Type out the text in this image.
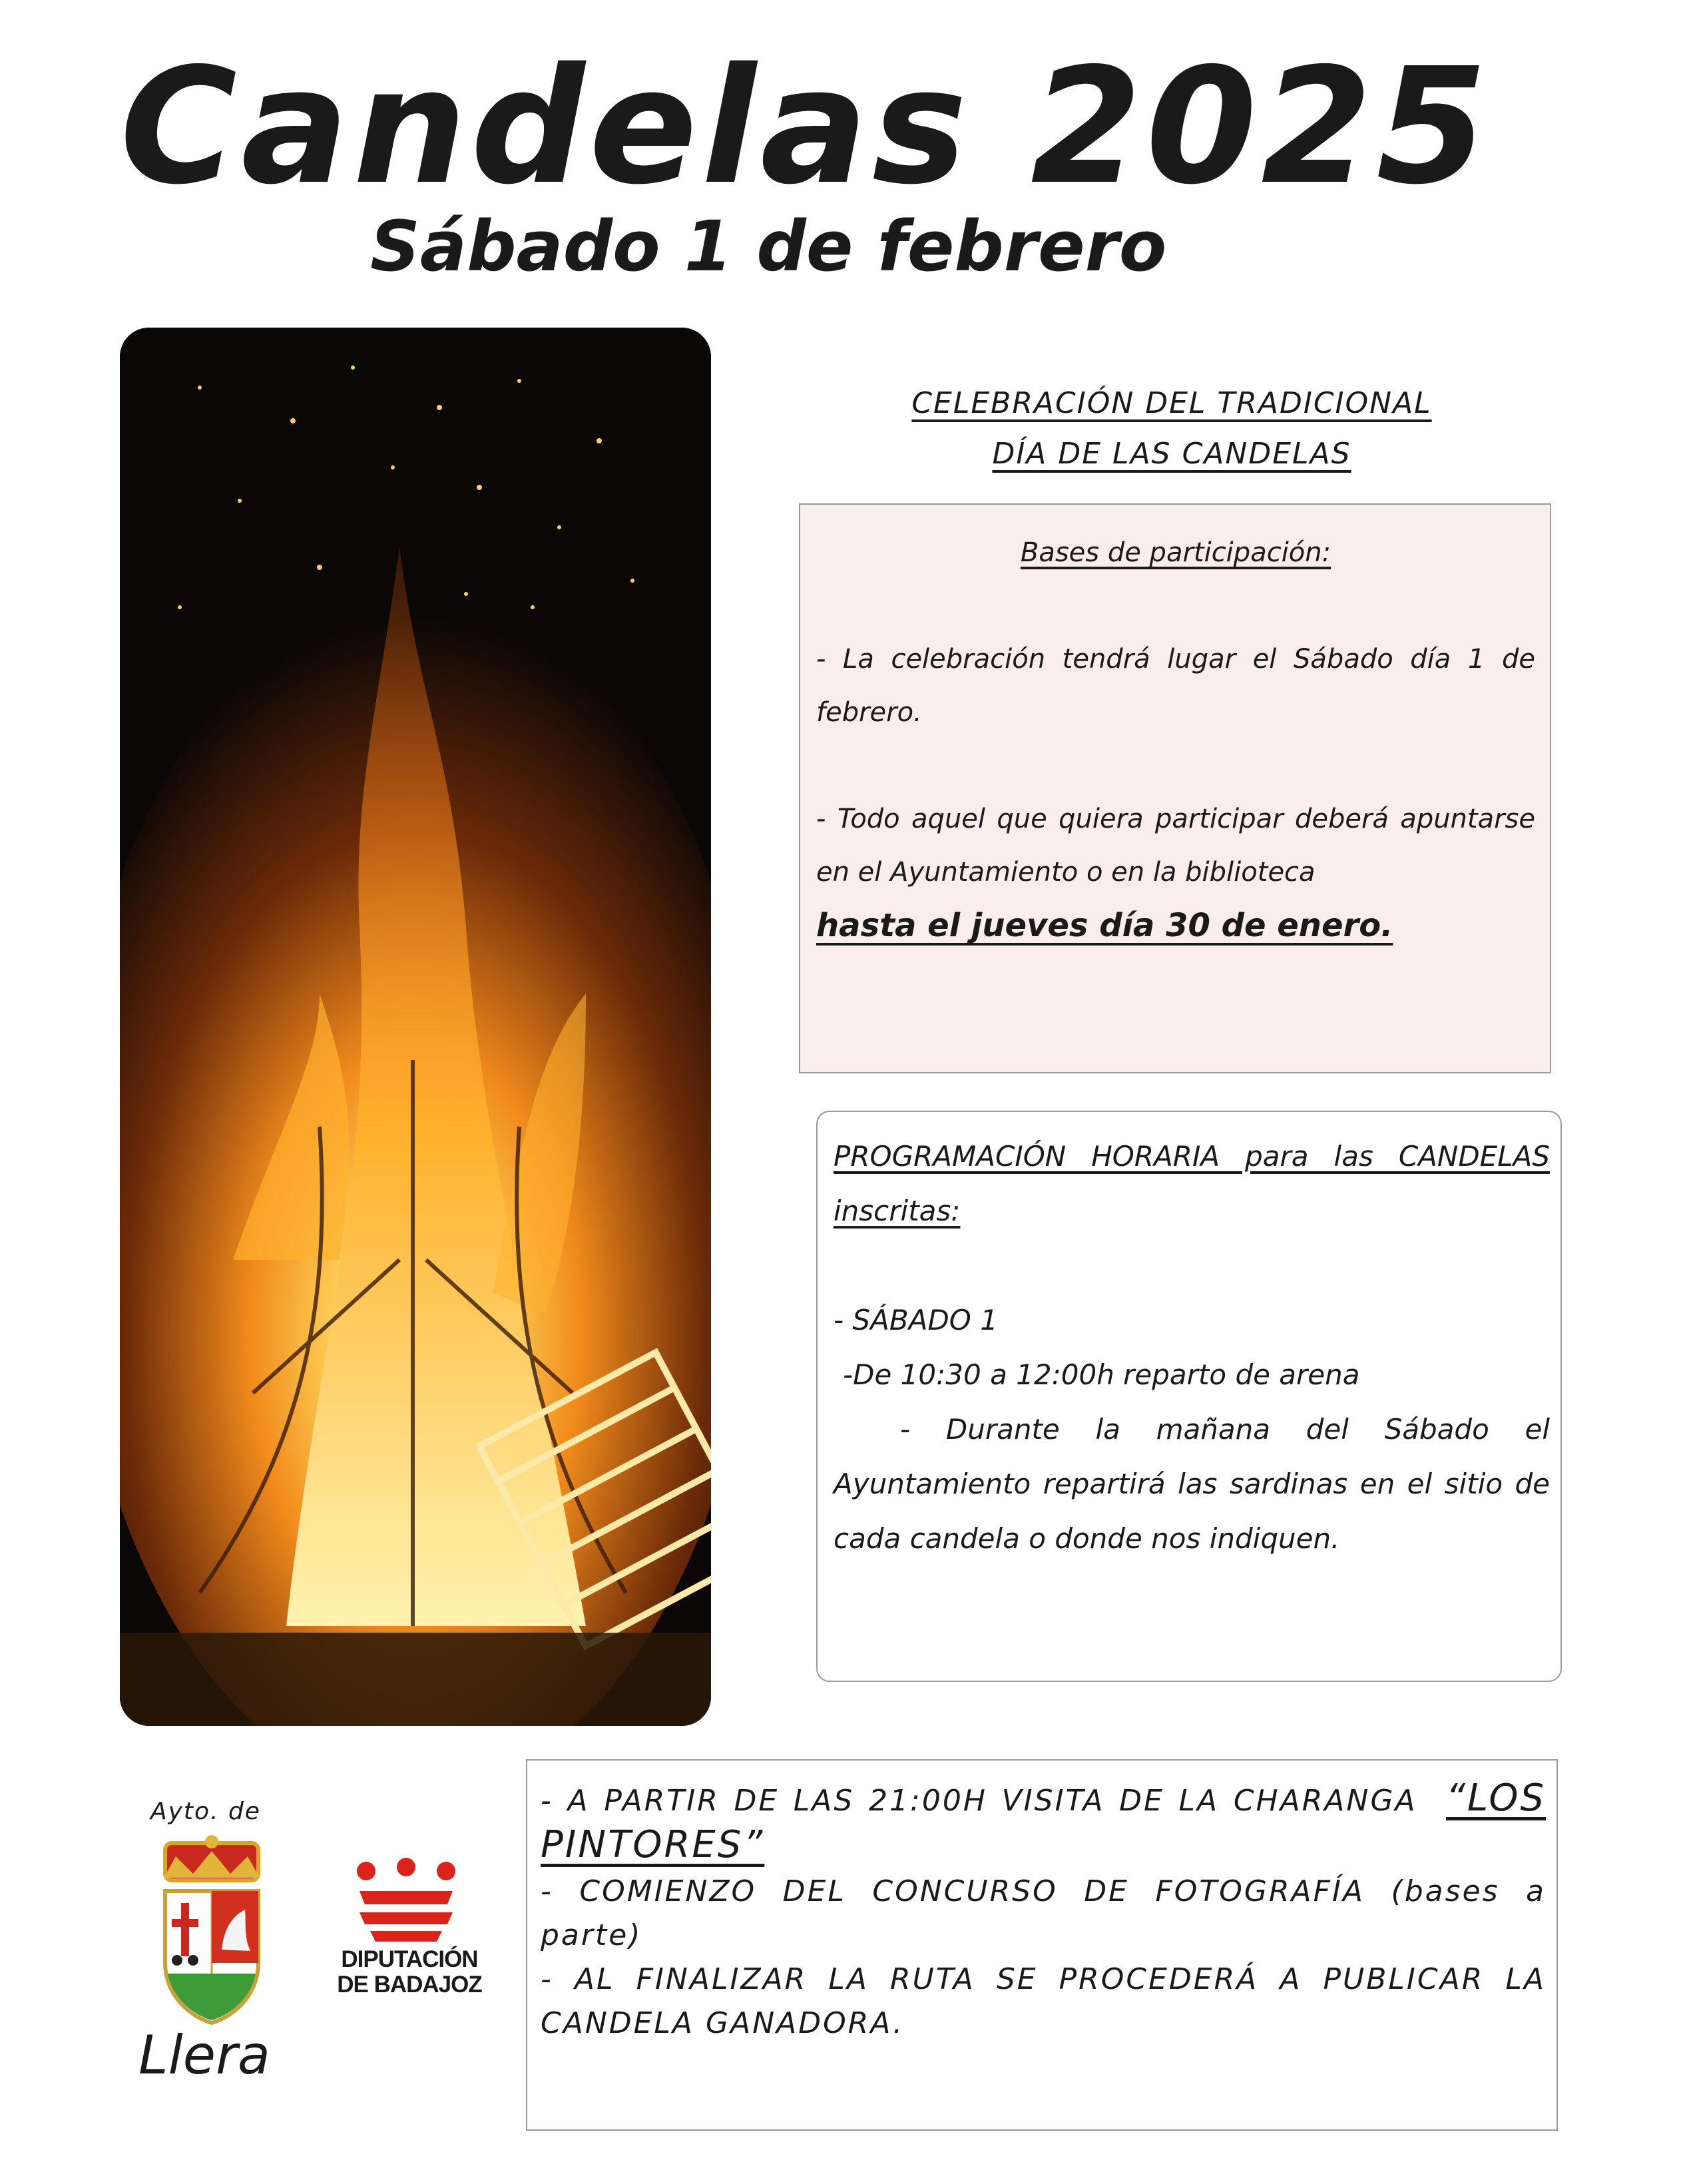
Candelas 2025
Sábado 1 de febrero
CELEBRACIÓN DEL TRADICIONAL
DÍA DE LAS CANDELAS
Bases de participación:

- La celebración tendrá lugar el Sábado día 1 de febrero.

- Todo aquel que quiera participar deberá apuntarse en el Ayuntamiento o en la biblioteca

hasta el jueves día 30 de enero.
PROGRAMACIÓN HORARIA para las CANDELAS inscritas:

- SÁBADO 1

-De 10:30 a 12:00h reparto de arena

- Durante la mañana del Sábado el Ayuntamiento repartirá las sardinas en el sitio de cada candela o donde nos indiquen.

- A PARTIR DE LAS 21:00H VISITA DE LA CHARANGA “LOS PINTORES”

- COMIENZO DEL CONCURSO DE FOTOGRAFÍA (bases a parte)

- AL FINALIZAR LA RUTA SE PROCEDERÁ A PUBLICAR LA CANDELA GANADORA.

Ayto. de
Llera
DIPUTACIÓN
DE BADAJOZ
